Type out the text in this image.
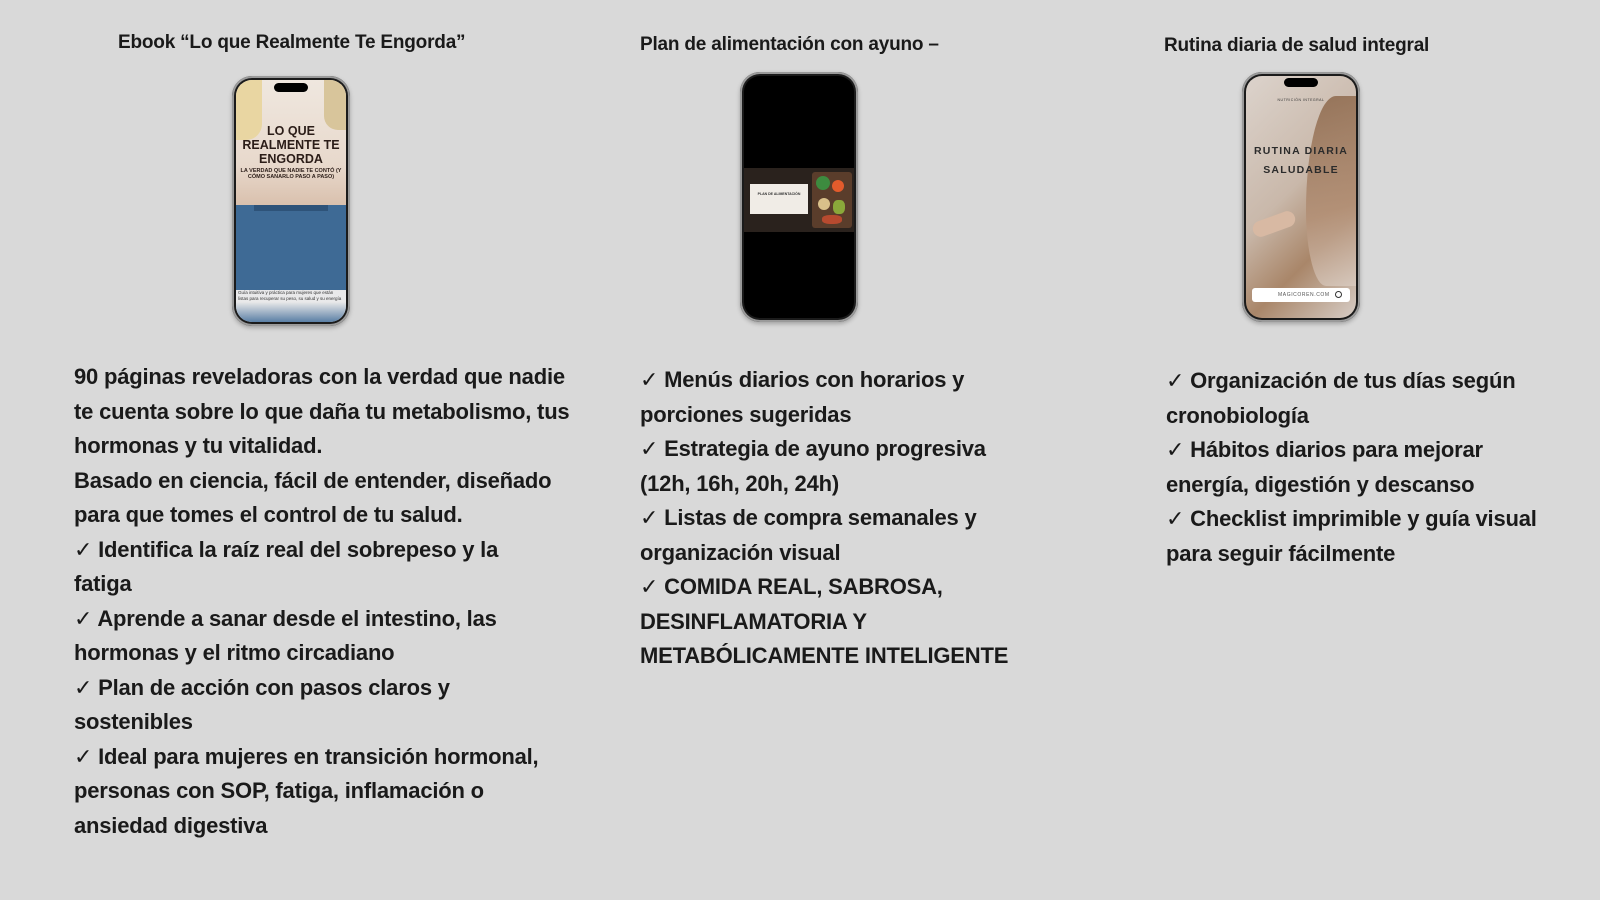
Ebook “Lo que Realmente Te Engorda”
LO QUE REALMENTE TE ENGORDA
LA VERDAD QUE NADIE TE CONTÓ (Y CÓMO SANARLO PASO A PASO)
Guía intuitiva y práctica para mujeres que están listas para recuperar su peso, su salud y su energía
90 páginas reveladoras con la verdad que nadie
te cuenta sobre lo que daña tu metabolismo, tus
hormonas y tu vitalidad.
Basado en ciencia, fácil de entender, diseñado
para que tomes el control de tu salud.
✓ Identifica la raíz real del sobrepeso y la
fatiga
✓ Aprende a sanar desde el intestino, las
hormonas y el ritmo circadiano
✓ Plan de acción con pasos claros y
sostenibles
✓ Ideal para mujeres en transición hormonal,
personas con SOP, fatiga, inflamación o
ansiedad digestiva
Plan de alimentación con ayuno –
PLAN DE ALIMENTACIÓN
✓ Menús diarios con horarios y
porciones sugeridas
✓ Estrategia de ayuno progresiva
(12h, 16h, 20h, 24h)
✓ Listas de compra semanales y
organización visual
✓ COMIDA REAL, SABROSA,
DESINFLAMATORIA Y
METABÓLICAMENTE INTELIGENTE
Rutina diaria de salud integral
NUTRICIÓN INTEGRAL
RUTINA DIARIA
SALUDABLE
MAGICOREN.COM
✓ Organización de tus días según
cronobiología
✓ Hábitos diarios para mejorar
energía, digestión y descanso
✓ Checklist imprimible y guía visual
para seguir fácilmente
